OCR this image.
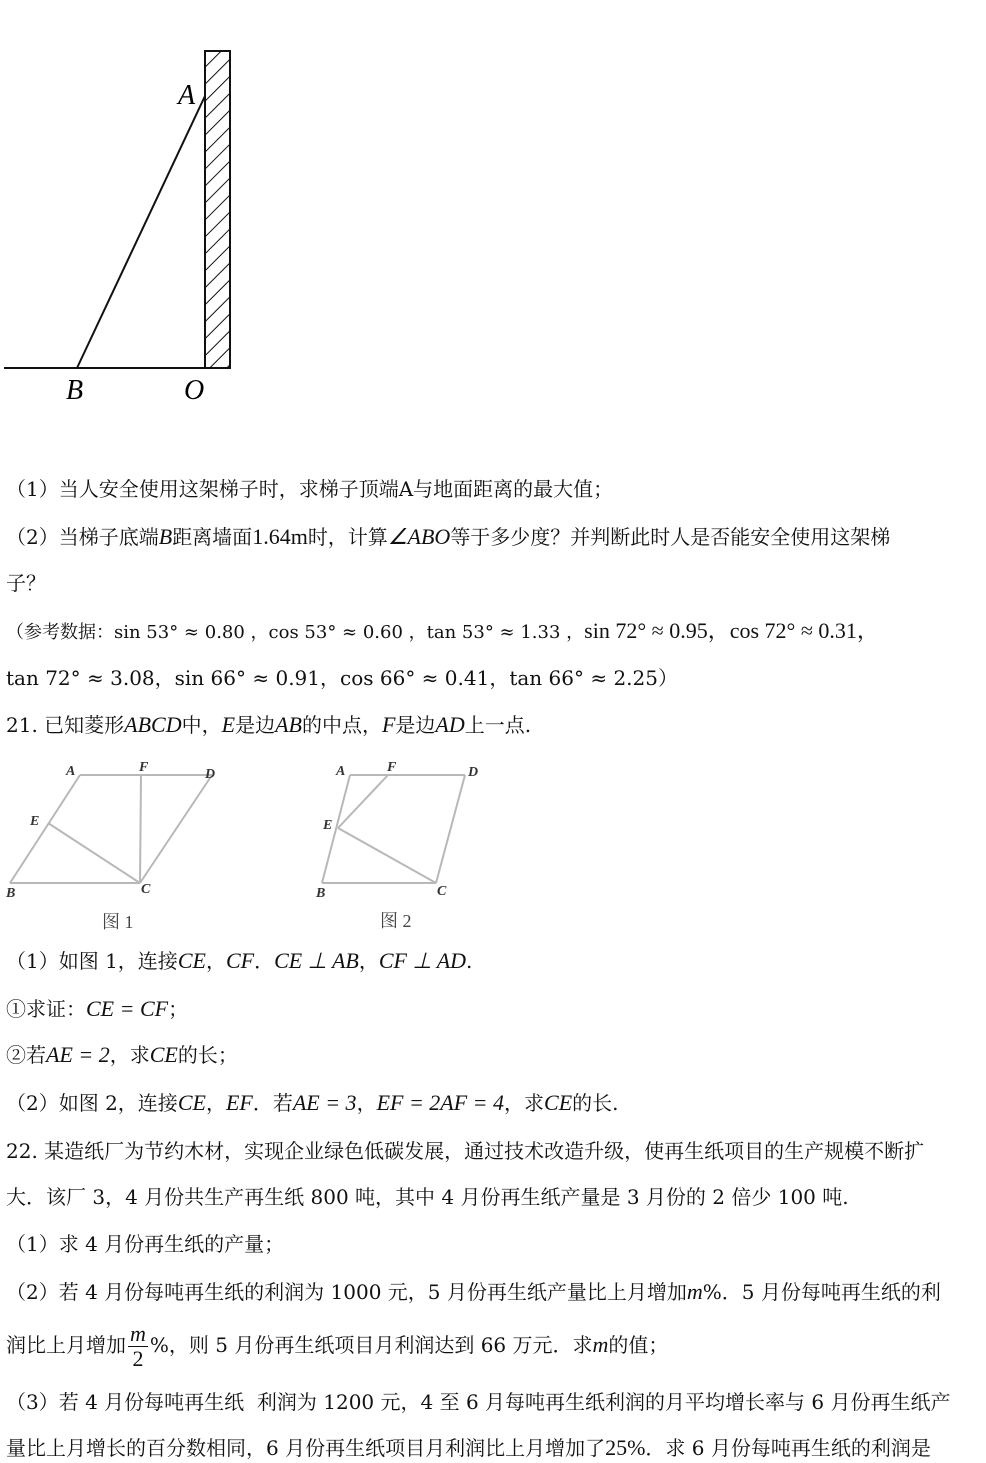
A
B	O
（1）当人安全使用这架梯子时，求梯子顶端A与地面距离的最大值；
（2）当梯子底端B距离墙面1.64m时，计算∠ABO等于多少度？并判断此时人是否能安全使用这架梯
子？
（参考数据：sin 53° ≈ 0.80 ，cos 53° ≈ 0.60 ，tan 53° ≈ 1.33 ，sin 72° ≈ 0.95，cos 72° ≈ 0.31，
tan 72° ≈ 3.08，sin 66° ≈ 0.91，cos 66° ≈ 0.41，tan 66° ≈ 2.25）
21. 已知菱形ABCD中，E是边AB的中点，F是边AD上一点.
A	F	D
E
B	C
图 1
A	F	D
E
B	C
图 2
（1）如图 1，连接CE，CF．CE ⊥ AB，CF ⊥ AD.
①求证：CE = CF；
②若AE = 2，求CE的长；
（2）如图 2，连接CE，EF．若AE = 3，EF = 2AF = 4，求CE的长.
22. 某造纸厂为节约木材，实现企业绿色低碳发展，通过技术改造升级，使再生纸项目的生产规模不断扩
大．该厂 3，4 月份共生产再生纸 800 吨，其中 4 月份再生纸产量是 3 月份的 2 倍少 100 吨.
（1）求 4 月份再生纸的产量；
（2）若 4 月份每吨再生纸的利润为 1000 元，5 月份再生纸产量比上月增加m%．5 月份每吨再生纸的利
润比上月增加 $\frac{m}{2}$ %，则 5 月份再生纸项目月利润达到 66 万元．求m的值；
（3）若 4 月份每吨再生纸 利润为 1200 元，4 至 6 月每吨再生纸利润的月平均增长率与 6 月份再生纸产
量比上月增长的百分数相同，6 月份再生纸项目月利润比上月增加了25%．求 6 月份每吨再生纸的利润是
